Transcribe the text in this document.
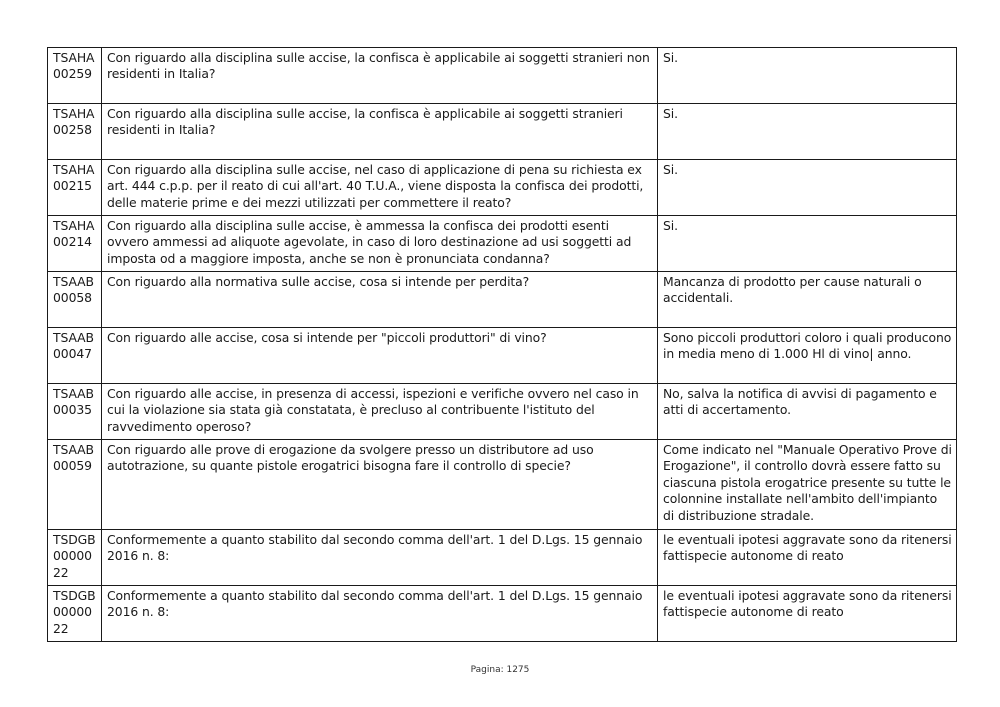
TSAHA00259	Con riguardo alla disciplina sulle accise, la confisca è applicabile ai soggetti stranieri non residenti in Italia?	Si.
TSAHA00258	Con riguardo alla disciplina sulle accise, la confisca è applicabile ai soggetti stranieri residenti in Italia?	Si.
TSAHA00215	Con riguardo alla disciplina sulle accise, nel caso di applicazione di pena su richiesta ex art. 444 c.p.p. per il reato di cui all'art. 40 T.U.A., viene disposta la confisca dei prodotti, delle materie prime e dei mezzi utilizzati per commettere il reato?	Si.
TSAHA00214	Con riguardo alla disciplina sulle accise, è ammessa la confisca dei prodotti esenti ovvero ammessi ad aliquote agevolate, in caso di loro destinazione ad usi soggetti ad imposta od a maggiore imposta, anche se non è pronunciata condanna?	Si.
TSAAB00058	Con riguardo alla normativa sulle accise, cosa si intende per perdita?	Mancanza di prodotto per cause naturali o accidentali.
TSAAB00047	Con riguardo alle accise, cosa si intende per "piccoli produttori" di vino?	Sono piccoli produttori coloro i quali producono in media meno di 1.000 Hl di vino| anno.
TSAAB00035	Con riguardo alle accise, in presenza di accessi, ispezioni e verifiche ovvero nel caso in cui la violazione sia stata già constatata, è precluso al contribuente l'istituto del ravvedimento operoso?	No, salva la notifica di avvisi di pagamento e atti di accertamento.
TSAAB00059	Con riguardo alle prove di erogazione da svolgere presso un distributore ad uso autotrazione, su quante pistole erogatrici bisogna fare il controllo di specie?	Come indicato nel "Manuale Operativo Prove di Erogazione", il controllo dovrà essere fatto su ciascuna pistola erogatrice presente su tutte le colonnine installate nell'ambito dell'impianto di distribuzione stradale.
TSDGB0000022	Conformemente a quanto stabilito dal secondo comma dell'art. 1 del D.Lgs. 15 gennaio 2016 n. 8:	le eventuali ipotesi aggravate sono da ritenersi fattispecie autonome di reato
TSDGB0000022	Conformemente a quanto stabilito dal secondo comma dell'art. 1 del D.Lgs. 15 gennaio 2016 n. 8:	le eventuali ipotesi aggravate sono da ritenersi fattispecie autonome di reato
Pagina: 1275
